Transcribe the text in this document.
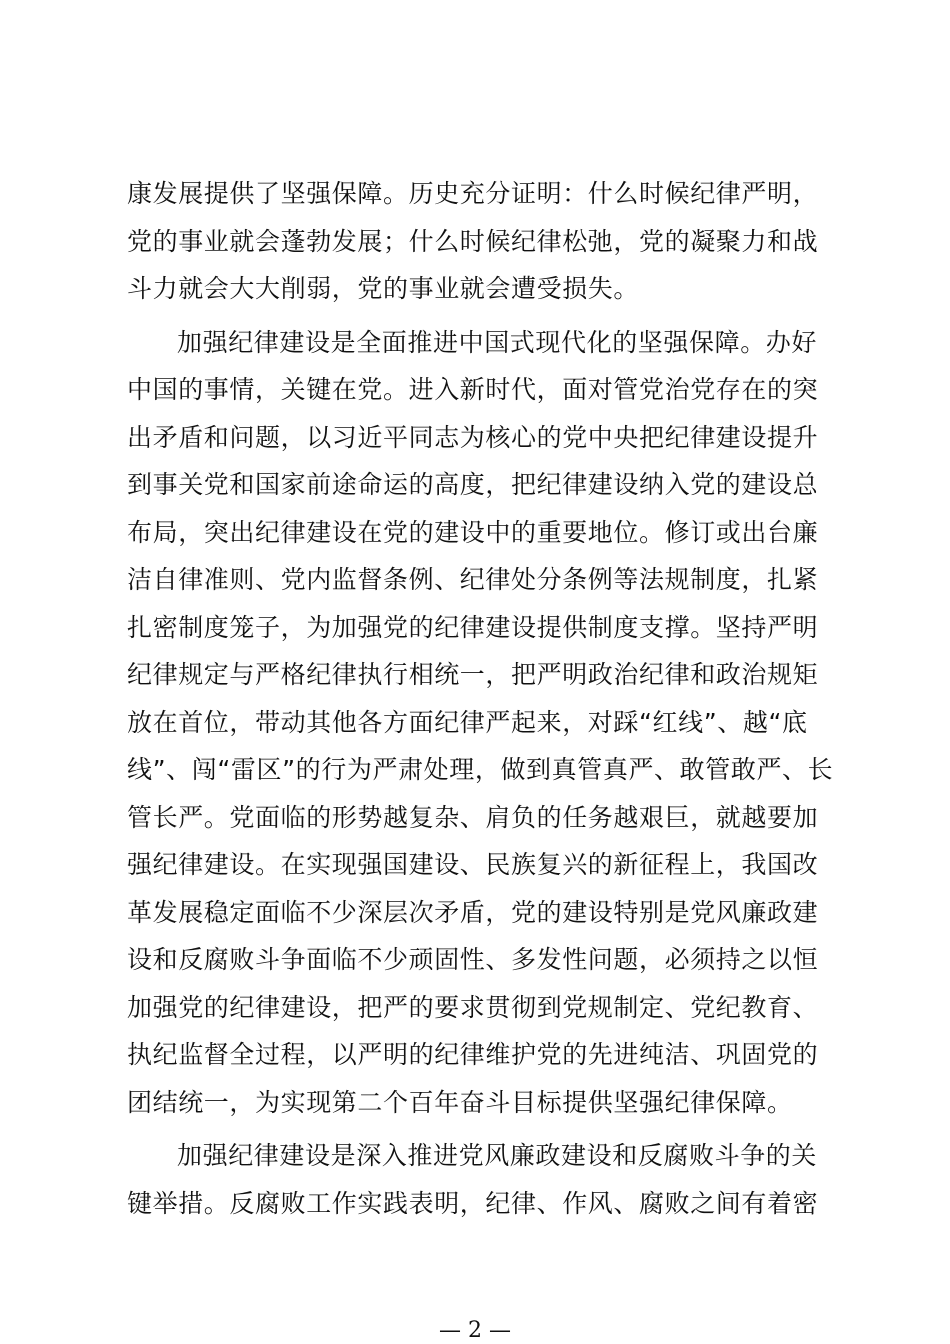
康发展提供了坚强保障。历史充分证明：什么时候纪律严明，
党的事业就会蓬勃发展；什么时候纪律松弛，党的凝聚力和战
斗力就会大大削弱，党的事业就会遭受损失。
加强纪律建设是全面推进中国式现代化的坚强保障。办好
中国的事情，关键在党。进入新时代，面对管党治党存在的突
出矛盾和问题，以习近平同志为核心的党中央把纪律建设提升
到事关党和国家前途命运的高度，把纪律建设纳入党的建设总
布局，突出纪律建设在党的建设中的重要地位。修订或出台廉
洁自律准则、党内监督条例、纪律处分条例等法规制度，扎紧
扎密制度笼子，为加强党的纪律建设提供制度支撑。坚持严明
纪律规定与严格纪律执行相统一，把严明政治纪律和政治规矩
放在首位，带动其他各方面纪律严起来，对踩“红线”、越“底
线”、闯“雷区”的行为严肃处理，做到真管真严、敢管敢严、长
管长严。党面临的形势越复杂、肩负的任务越艰巨，就越要加
强纪律建设。在实现强国建设、民族复兴的新征程上，我国改
革发展稳定面临不少深层次矛盾，党的建设特别是党风廉政建
设和反腐败斗争面临不少顽固性、多发性问题，必须持之以恒
加强党的纪律建设，把严的要求贯彻到党规制定、党纪教育、
执纪监督全过程，以严明的纪律维护党的先进纯洁、巩固党的
团结统一，为实现第二个百年奋斗目标提供坚强纪律保障。
加强纪律建设是深入推进党风廉政建设和反腐败斗争的关
键举措。反腐败工作实践表明，纪律、作风、腐败之间有着密
— 2 —
